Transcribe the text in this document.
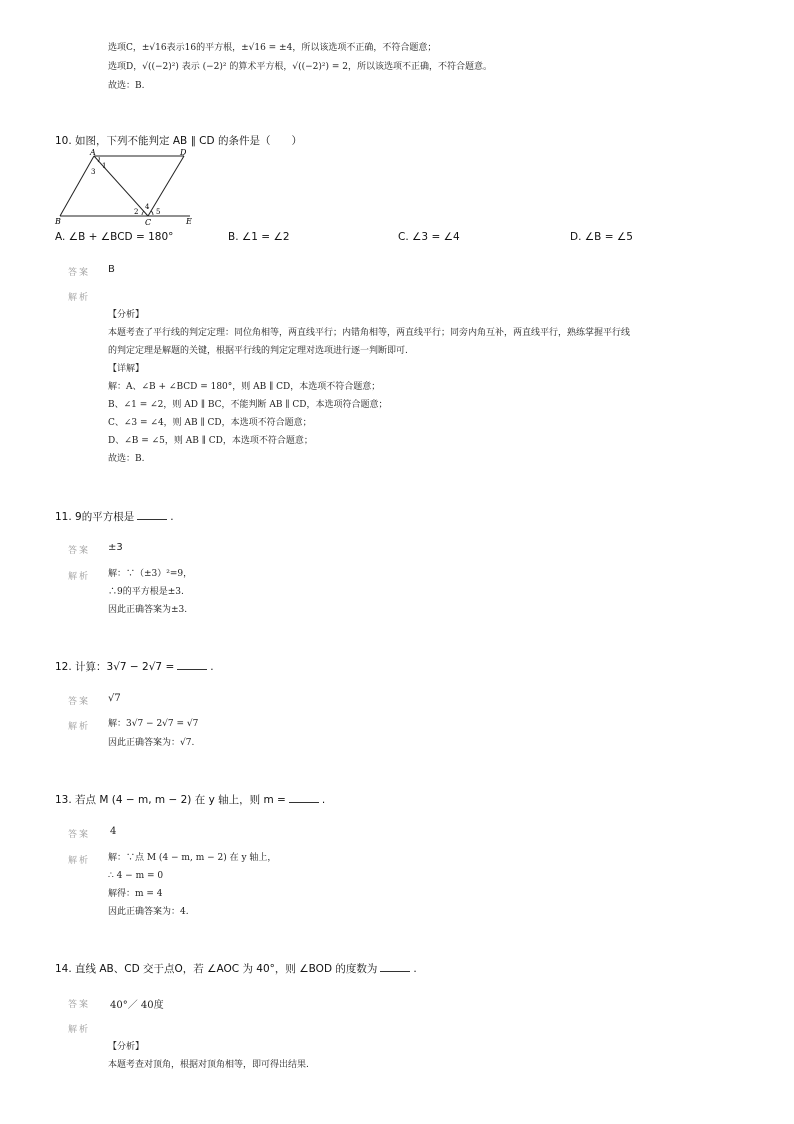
选项C，±√16表示16的平方根，±√16 = ±4，所以该选项不正确，不符合题意；
选项D，√((−2)²) 表示 (−2)² 的算术平方根，√((−2)²) = 2，所以该选项不正确，不符合题意。
故选：B.
10. 如图，下列不能判定 AB ∥ CD 的条件是（　　）
A	D
B	C	E
1
2
3
4
5
A. ∠B + ∠BCD = 180°	B. ∠1 = ∠2	C. ∠3 = ∠4	D. ∠B = ∠5
答案 B
解析
【分析】
本题考查了平行线的判定定理：同位角相等，两直线平行；内错角相等，两直线平行；同旁内角互补，两直线平行，熟练掌握平行线
的判定定理是解题的关键，根据平行线的判定定理对选项进行逐一判断即可.
【详解】
解：A、∠B + ∠BCD = 180°，则 AB ∥ CD，本选项不符合题意；
B、∠1 = ∠2，则 AD ∥ BC，不能判断 AB ∥ CD，本选项符合题意；
C、∠3 = ∠4，则 AB ∥ CD，本选项不符合题意；
D、∠B = ∠5，则 AB ∥ CD，本选项不符合题意；
故选：B.
11. 9的平方根是	.
答案 ±3
解析 解：∵（±3）²=9，
∴9的平方根是±3.
因此正确答案为±3.
12. 计算：3√7 − 2√7 =	.
答案 √7
解析 解：3√7 − 2√7 = √7
因此正确答案为：√7.
13. 若点 M (4 − m, m − 2) 在 y 轴上，则 m =	.
答案 4
解析 解：∵点 M (4 − m, m − 2) 在 y 轴上，
∴ 4 − m = 0
解得：m = 4
因此正确答案为：4.
14. 直线 AB、CD 交于点O，若 ∠AOC 为 40°，则 ∠BOD 的度数为	.
答案 40°／ 40度
解析
【分析】
本题考查对顶角，根据对顶角相等，即可得出结果.
